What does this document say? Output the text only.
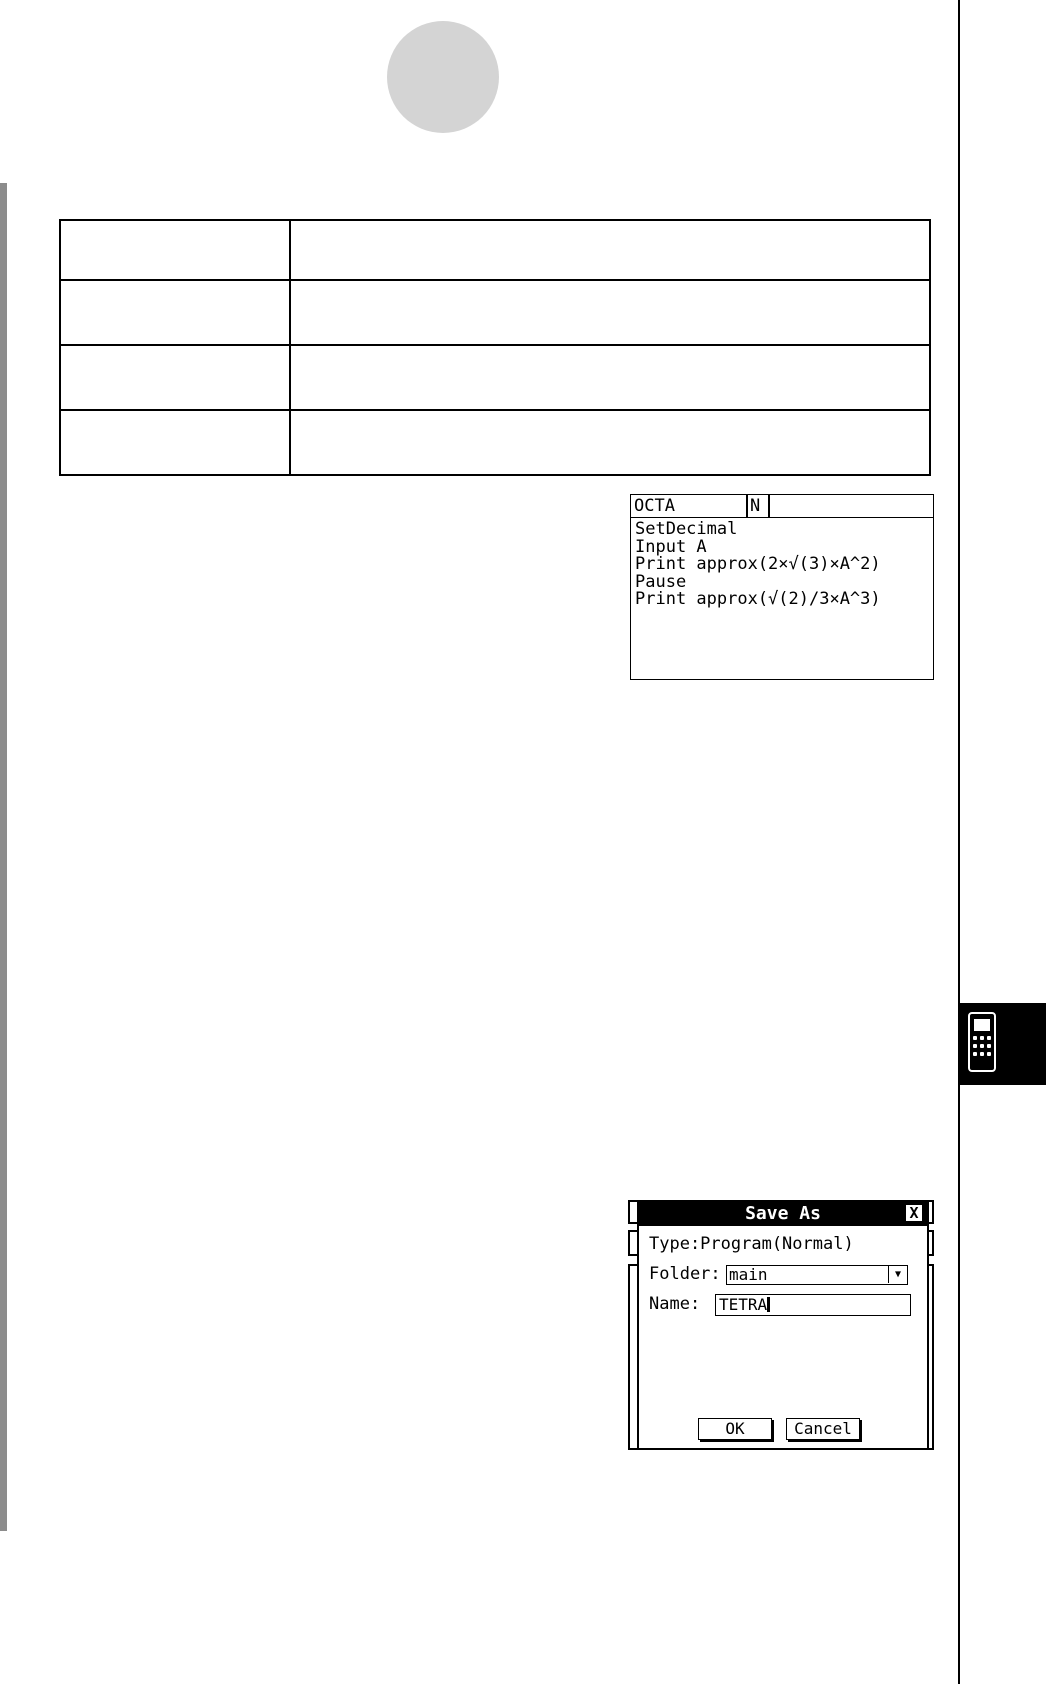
OCTA	N
SetDecimal
Input A
Print approx(2×√(3)×A^2)
Pause
Print approx(√(2)/3×A^3)
Save As	X
Type:Program(Normal)
Folder: main	▼
Name: TETRA
OK	Cancel
